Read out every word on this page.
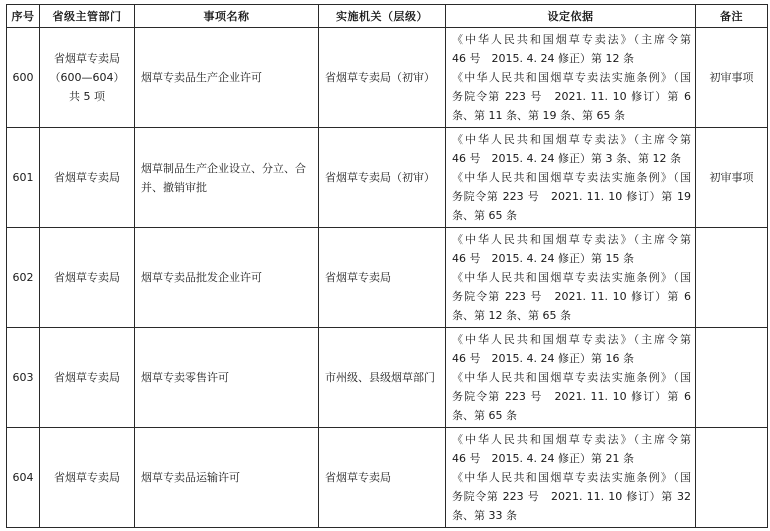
序号	省级主管部门	事项名称	实施机关（层级）	设定依据	备注
600	省烟草专卖局
（600—604）
共 5 项	烟草专卖品生产企业许可	省烟草专卖局（初审）	《中华人民共和国烟草专卖法》（主席令第
46 号　2015. 4. 24 修正）第 12 条
《中华人民共和国烟草专卖法实施条例》（国
务院令第 223 号　2021. 11. 10 修订）第 6
条、第 11 条、第 19 条、第 65 条	初审事项
601	省烟草专卖局	烟草制品生产企业设立、分立、合并、撤销审批	省烟草专卖局（初审）	《中华人民共和国烟草专卖法》（主席令第
46 号　2015. 4. 24 修正）第 3 条、第 12 条
《中华人民共和国烟草专卖法实施条例》（国
务院令第 223 号　2021. 11. 10 修订）第 19
条、第 65 条	初审事项
602	省烟草专卖局	烟草专卖品批发企业许可	省烟草专卖局	《中华人民共和国烟草专卖法》（主席令第
46 号　2015. 4. 24 修正）第 15 条
《中华人民共和国烟草专卖法实施条例》（国
务院令第 223 号　2021. 11. 10 修订）第 6
条、第 12 条、第 65 条	

603	省烟草专卖局	烟草专卖零售许可	市州级、县级烟草部门	《中华人民共和国烟草专卖法》（主席令第
46 号　2015. 4. 24 修正）第 16 条
《中华人民共和国烟草专卖法实施条例》（国
务院令第 223 号　2021. 11. 10 修订）第 6
条、第 65 条	

604	省烟草专卖局	烟草专卖品运输许可	省烟草专卖局	《中华人民共和国烟草专卖法》（主席令第
46 号　2015. 4. 24 修正）第 21 条
《中华人民共和国烟草专卖法实施条例》（国
务院令第 223 号　2021. 11. 10 修订）第 32
条、第 33 条	
